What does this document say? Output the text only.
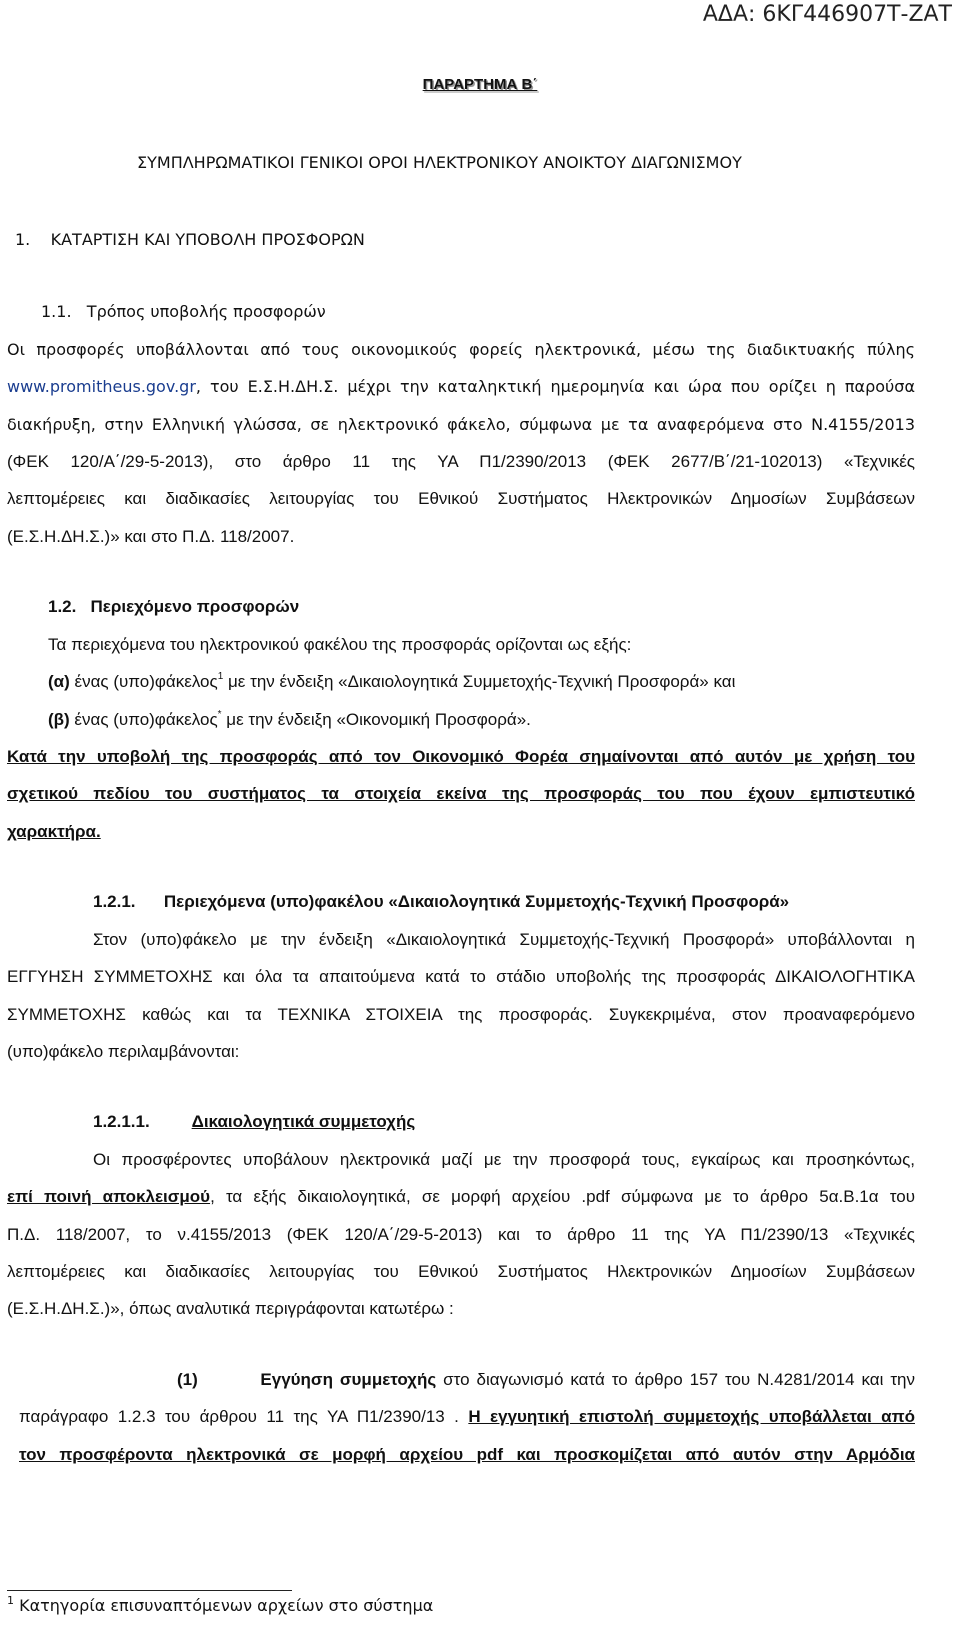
ΑΔΑ: 6ΚΓ446907Τ-ΖΑΤ
ΠΑΡΑΡΤΗΜΑ Β΄
ΣΥΜΠΛΗΡΩΜΑΤΙΚΟΙ ΓΕΝΙΚΟΙ ΟΡΟΙ ΗΛΕΚΤΡΟΝΙΚΟΥ ΑΝΟΙΚΤΟΥ ΔΙΑΓΩΝΙΣΜΟΥ
1. ΚΑΤΑΡΤΙΣΗ ΚΑΙ ΥΠΟΒΟΛΗ ΠΡΟΣΦΟΡΩΝ
1.1. Τρόπος υποβολής προσφορών
Οι προσφορές υποβάλλονται από τους οικονομικούς φορείς ηλεκτρονικά, μέσω της διαδικτυακής πύλης
www.promitheus.gov.gr, του Ε.Σ.Η.ΔΗ.Σ. μέχρι την καταληκτική ημερομηνία και ώρα που ορίζει η παρούσα
διακήρυξη, στην Ελληνική γλώσσα, σε ηλεκτρονικό φάκελο, σύμφωνα με τα αναφερόμενα στο Ν.4155/2013
(ΦΕΚ 120/Α΄/29-5-2013), στο άρθρο 11 της ΥΑ Π1/2390/2013 (ΦΕΚ 2677/Β΄/21-102013) «Τεχνικές
λεπτομέρειες και διαδικασίες λειτουργίας του Εθνικού Συστήματος Ηλεκτρονικών Δημοσίων Συμβάσεων
(Ε.Σ.Η.ΔΗ.Σ.)» και στο Π.Δ. 118/2007.
1.2. Περιεχόμενο προσφορών
Τα περιεχόμενα του ηλεκτρονικού φακέλου της προσφοράς ορίζονται ως εξής:
(α) ένας (υπο)φάκελος$^1$ με την ένδειξη «Δικαιολογητικά Συμμετοχής-Τεχνική Προσφορά» και
(β) ένας (υπο)φάκελος* με την ένδειξη «Οικονομική Προσφορά».
Κατά την υποβολή της προσφοράς από τον Οικονομικό Φορέα σημαίνονται από αυτόν με χρήση του
σχετικού πεδίου του συστήματος τα στοιχεία εκείνα της προσφοράς του που έχουν εμπιστευτικό
χαρακτήρα.
1.2.1. Περιεχόμενα (υπο)φακέλου «Δικαιολογητικά Συμμετοχής-Τεχνική Προσφορά»
Στον (υπο)φάκελο με την ένδειξη «Δικαιολογητικά Συμμετοχής-Τεχνική Προσφορά» υποβάλλονται η
ΕΓΓΥΗΣΗ ΣΥΜΜΕΤΟΧΗΣ και όλα τα απαιτούμενα κατά το στάδιο υποβολής της προσφοράς ΔΙΚΑΙΟΛΟΓΗΤΙΚΑ
ΣΥΜΜΕΤΟΧΗΣ καθώς και τα ΤΕΧΝΙΚΑ ΣΤΟΙΧΕΙΑ της προσφοράς. Συγκεκριμένα, στον προαναφερόμενο
(υπο)φάκελο περιλαμβάνονται:
1.2.1.1. Δικαιολογητικά συμμετοχής
Οι προσφέροντες υποβάλουν ηλεκτρονικά μαζί με την προσφορά τους, εγκαίρως και προσηκόντως,
επί ποινή αποκλεισμού, τα εξής δικαιολογητικά, σε μορφή αρχείου .pdf σύμφωνα με το άρθρο 5α.Β.1α του
Π.Δ. 118/2007, το ν.4155/2013 (ΦΕΚ 120/Α΄/29-5-2013) και το άρθρο 11 της ΥΑ Π1/2390/13 «Τεχνικές
λεπτομέρειες και διαδικασίες λειτουργίας του Εθνικού Συστήματος Ηλεκτρονικών Δημοσίων Συμβάσεων
(Ε.Σ.Η.ΔΗ.Σ.)», όπως αναλυτικά περιγράφονται κατωτέρω :
(1)	Εγγύηση συμμετοχής στο διαγωνισμό κατά το άρθρο 157 του Ν.4281/2014 και την
παράγραφο 1.2.3 του άρθρου 11 της ΥΑ Π1/2390/13 . Η εγγυητική επιστολή συμμετοχής υποβάλλεται από
τον προσφέροντα ηλεκτρονικά σε μορφή αρχείου pdf και προσκομίζεται από αυτόν στην Αρμόδια
$^1$ Κατηγορία επισυναπτόμενων αρχείων στο σύστημα
